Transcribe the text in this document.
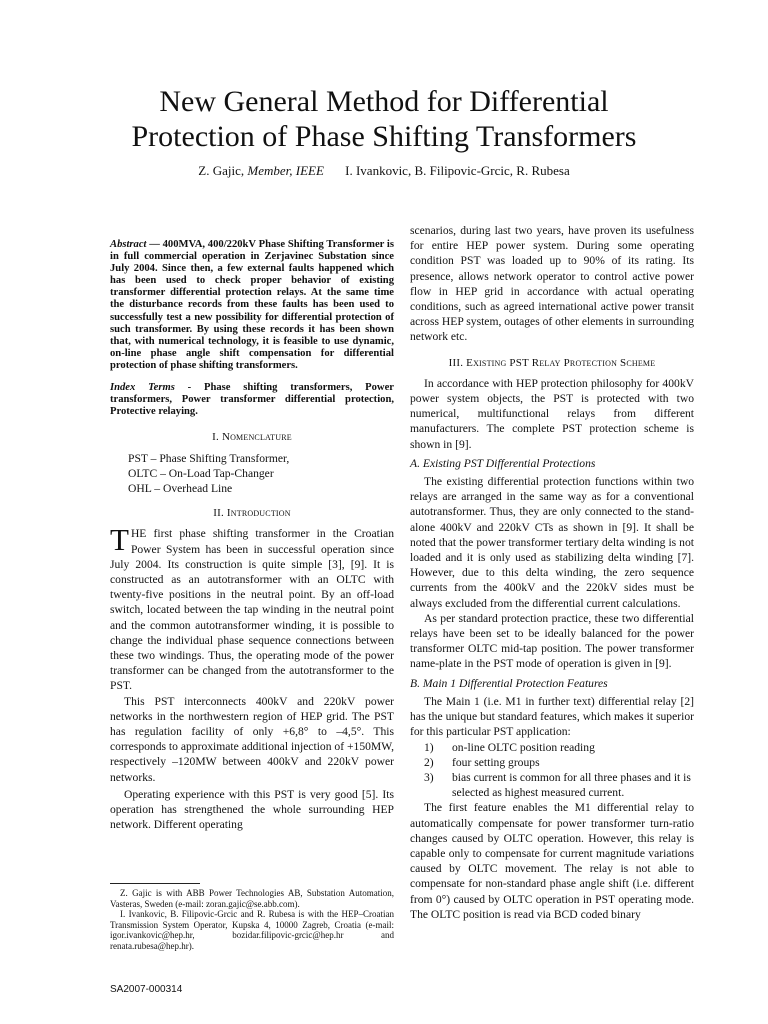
New General Method for Differential
Protection of Phase Shifting Transformers
Z. Gajic, Member, IEEE I. Ivankovic, B. Filipovic-Grcic, R. Rubesa

Abstract — 400MVA, 400/220kV Phase Shifting Transformer is in full commercial operation in Zerjavinec Substation since July 2004. Since then, a few external faults happened which has been used to check proper behavior of existing transformer differential protection relays. At the same time the disturbance records from these faults has been used to successfully test a new possibility for differential protection of such transformer. By using these records it has been shown that, with numerical technology, it is feasible to use dynamic, on-line phase angle shift compensation for differential protection of phase shifting transformers.

Index Terms - Phase shifting transformers, Power transformers, Power transformer differential protection, Protective relaying.

I. Nomenclature

PST – Phase Shifting Transformer,

OLTC – On-Load Tap-Changer

OHL – Overhead Line

II. Introduction

THE first phase shifting transformer in the Croatian Power System has been in successful operation since July 2004. Its construction is quite simple [3], [9]. It is constructed as an autotransformer with an OLTC with twenty-five positions in the neutral point. By an off-load switch, located between the tap winding in the neutral point and the common autotransformer winding, it is possible to change the individual phase sequence connections between these two windings. Thus, the operating mode of the power transformer can be changed from the autotransformer to the PST.

This PST interconnects 400kV and 220kV power networks in the northwestern region of HEP grid. The PST has regulation facility of only +6,8° to –4,5°. This corresponds to approximate additional injection of +150MW, respectively –120MW between 400kV and 220kV power networks.

Operating experience with this PST is very good [5]. Its operation has strengthened the whole surrounding HEP network. Different operating

Z. Gajic is with ABB Power Technologies AB, Substation Automation, Vasteras, Sweden (e-mail: zoran.gajic@se.abb.com).

I. Ivankovic, B. Filipovic-Grcic and R. Rubesa is with the HEP–Croatian Transmission System Operator, Kupska 4, 10000 Zagreb, Croatia (e-mail: igor.ivankovic@hep.hr, bozidar.filipovic-grcic@hep.hr and renata.rubesa@hep.hr).

SA2007-000314

scenarios, during last two years, have proven its usefulness for entire HEP power system. During some operating condition PST was loaded up to 90% of its rating. Its presence, allows network operator to control active power flow in HEP grid in accordance with actual operating conditions, such as agreed international active power transit across HEP system, outages of other elements in surrounding network etc.

III. Existing PST Relay Protection Scheme

In accordance with HEP protection philosophy for 400kV power system objects, the PST is protected with two numerical, multifunctional relays from different manufacturers. The complete PST protection scheme is shown in [9].

A. Existing PST Differential Protections

The existing differential protection functions within two relays are arranged in the same way as for a conventional autotransformer. Thus, they are only connected to the stand-alone 400kV and 220kV CTs as shown in [9]. It shall be noted that the power transformer tertiary delta winding is not loaded and it is only used as stabilizing delta winding [7]. However, due to this delta winding, the zero sequence currents from the 400kV and the 220kV sides must be always excluded from the differential current calculations.

As per standard protection practice, these two differential relays have been set to be ideally balanced for the power transformer OLTC mid-tap position. The power transformer name-plate in the PST mode of operation is given in [9].

B. Main 1 Differential Protection Features

The Main 1 (i.e. M1 in further text) differential relay [2] has the unique but standard features, which makes it superior for this particular PST application:

1)	on-line OLTC position reading
2)	four setting groups
3)	bias current is common for all three phases and it is selected as highest measured current.

The first feature enables the M1 differential relay to automatically compensate for power transformer turn-ratio changes caused by OLTC operation. However, this relay is capable only to compensate for current magnitude variations caused by OLTC movement. The relay is not able to compensate for non-standard phase angle shift (i.e. different from 0°) caused by OLTC operation in PST operating mode. The OLTC position is read via BCD coded binary
